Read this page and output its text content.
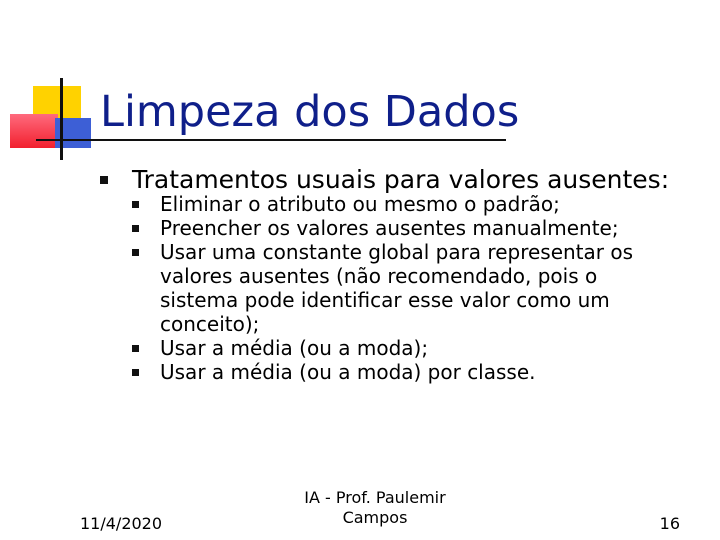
Limpeza dos Dados
Tratamentos usuais para valores ausentes:
Eliminar o atributo ou mesmo o padrão;
Preencher os valores ausentes manualmente;
Usar uma constante global para representar os
valores ausentes (não recomendado, pois o
sistema pode identificar esse valor como um
conceito);
Usar a média (ou a moda);
Usar a média (ou a moda) por classe.
11/4/2020
IA - Prof. Paulemir
Campos	16
